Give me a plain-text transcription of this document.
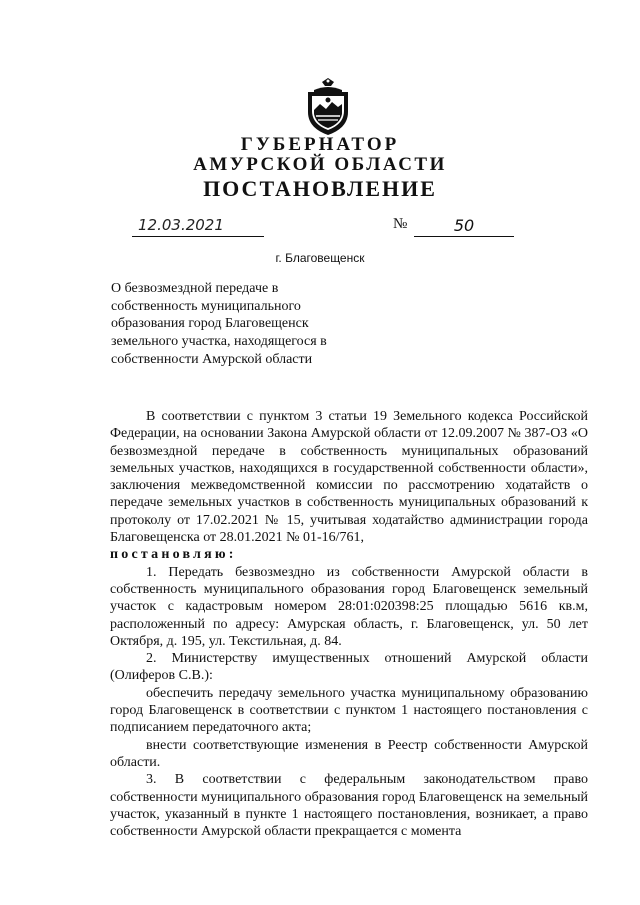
ГУБЕРНАТОР
АМУРСКОЙ ОБЛАСТИ
ПОСТАНОВЛЕНИЕ
12.03.2021	№	50
г. Благовещенск
О безвозмездной передаче в собственность муниципального образования город Благовещенск земельного участка, находящегося в собственности Амурской области

В соответствии с пунктом 3 статьи 19 Земельного кодекса Российской Федерации, на основании Закона Амурской области от 12.09.2007 № 387-ОЗ «О безвозмездной передаче в собственность муниципальных образований земельных участков, находящихся в государственной собственности области», заключения межведомственной комиссии по рассмотрению ходатайств о передаче земельных участков в собственность муниципальных образований к протоколу от 17.02.2021 № 15, учитывая ходатайство администрации города Благовещенска от 28.01.2021 № 01-16/761,

постановляю:

1. Передать безвозмездно из собственности Амурской области в собственность муниципального образования город Благовещенск земельный участок с кадастровым номером 28:01:020398:25 площадью 5616 кв.м, расположенный по адресу: Амурская область, г. Благовещенск, ул. 50 лет Октября, д. 195, ул. Текстильная, д. 84.

2. Министерству имущественных отношений Амурской области (Олиферов С.В.):

обеспечить передачу земельного участка муниципальному образованию город Благовещенск в соответствии с пунктом 1 настоящего постановления с подписанием передаточного акта;

внести соответствующие изменения в Реестр собственности Амурской области.

3. В соответствии с федеральным законодательством право собственности муниципального образования город Благовещенск на земельный участок, указанный в пункте 1 настоящего постановления, возникает, а право собственности Амурской области прекращается с момента
